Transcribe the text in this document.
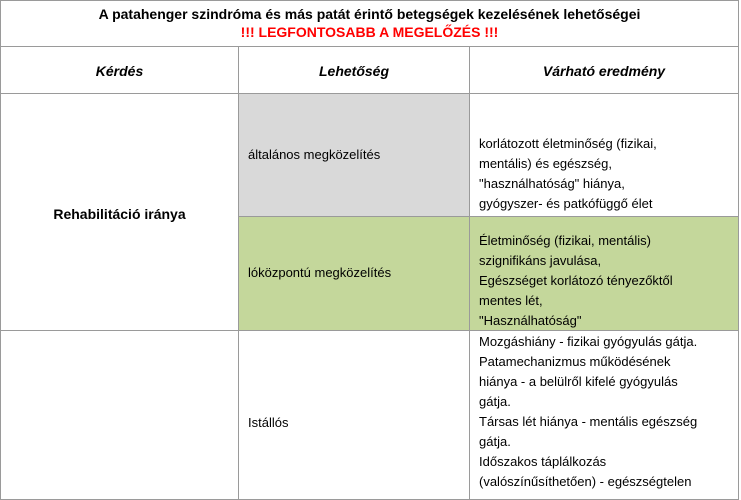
A patahenger szindróma és más patát érintő betegségek kezelésének lehetőségei
!!! LEGFONTOSABB A MEGELŐZÉS !!!
Kérdés	Lehetőség	Várható eredmény
Rehabilitáció iránya
általános megközelítés
korlátozott életminőség (fizikai,
mentális) és egészség,
"használhatóság" hiánya,
gyógyszer- és patkófüggő élet
lóközpontú megközelítés
Életminőség (fizikai, mentális)
szignifikáns javulása,
Egészséget korlátozó tényezőktől
mentes lét,
"Használhatóság"
Istállós
Mozgáshiány - fizikai gyógyulás gátja.
Patamechanizmus működésének
hiánya - a belülről kifelé gyógyulás
gátja.
Társas lét hiánya - mentális egészség
gátja.
Időszakos táplálkozás
(valószínűsíthetően) - egészségtelen
